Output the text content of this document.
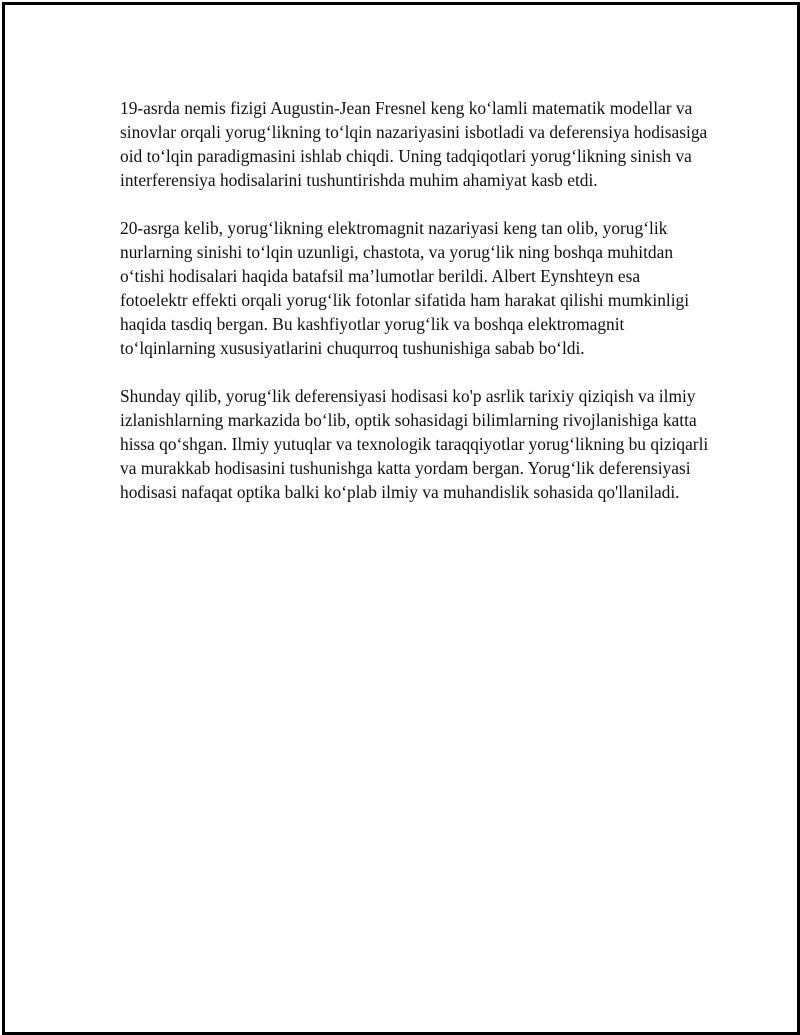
19-asrda nemis fizigi Augustin-Jean Fresnel keng ko‘lamli matematik modellar va sinovlar orqali yorug‘likning to‘lqin nazariyasini isbotladi va deferensiya hodisasiga oid to‘lqin paradigmasini ishlab chiqdi. Uning tadqiqotlari yorug‘likning sinish va interferensiya hodisalarini tushuntirishda muhim ahamiyat kasb etdi.

20-asrga kelib, yorug‘likning elektromagnit nazariyasi keng tan olib, yorug‘lik nurlarning sinishi to‘lqin uzunligi, chastota, va yorug‘lik ning boshqa muhitdan o‘tishi hodisalari haqida batafsil ma’lumotlar berildi. Albert Eynshteyn esa fotoelektr effekti orqali yorug‘lik fotonlar sifatida ham harakat qilishi mumkinligi haqida tasdiq bergan. Bu kashfiyotlar yorug‘lik va boshqa elektromagnit to‘lqinlarning xususiyatlarini chuqurroq tushunishiga sabab bo‘ldi.

Shunday qilib, yorug‘lik deferensiyasi hodisasi ko'p asrlik tarixiy qiziqish va ilmiy izlanishlarning markazida bo‘lib, optik sohasidagi bilimlarning rivojlanishiga katta hissa qo‘shgan. Ilmiy yutuqlar va texnologik taraqqiyotlar yorug‘likning bu qiziqarli va murakkab hodisasini tushunishga katta yordam bergan. Yorug‘lik deferensiyasi hodisasi nafaqat optika balki ko‘plab ilmiy va muhandislik sohasida qo'llaniladi.
